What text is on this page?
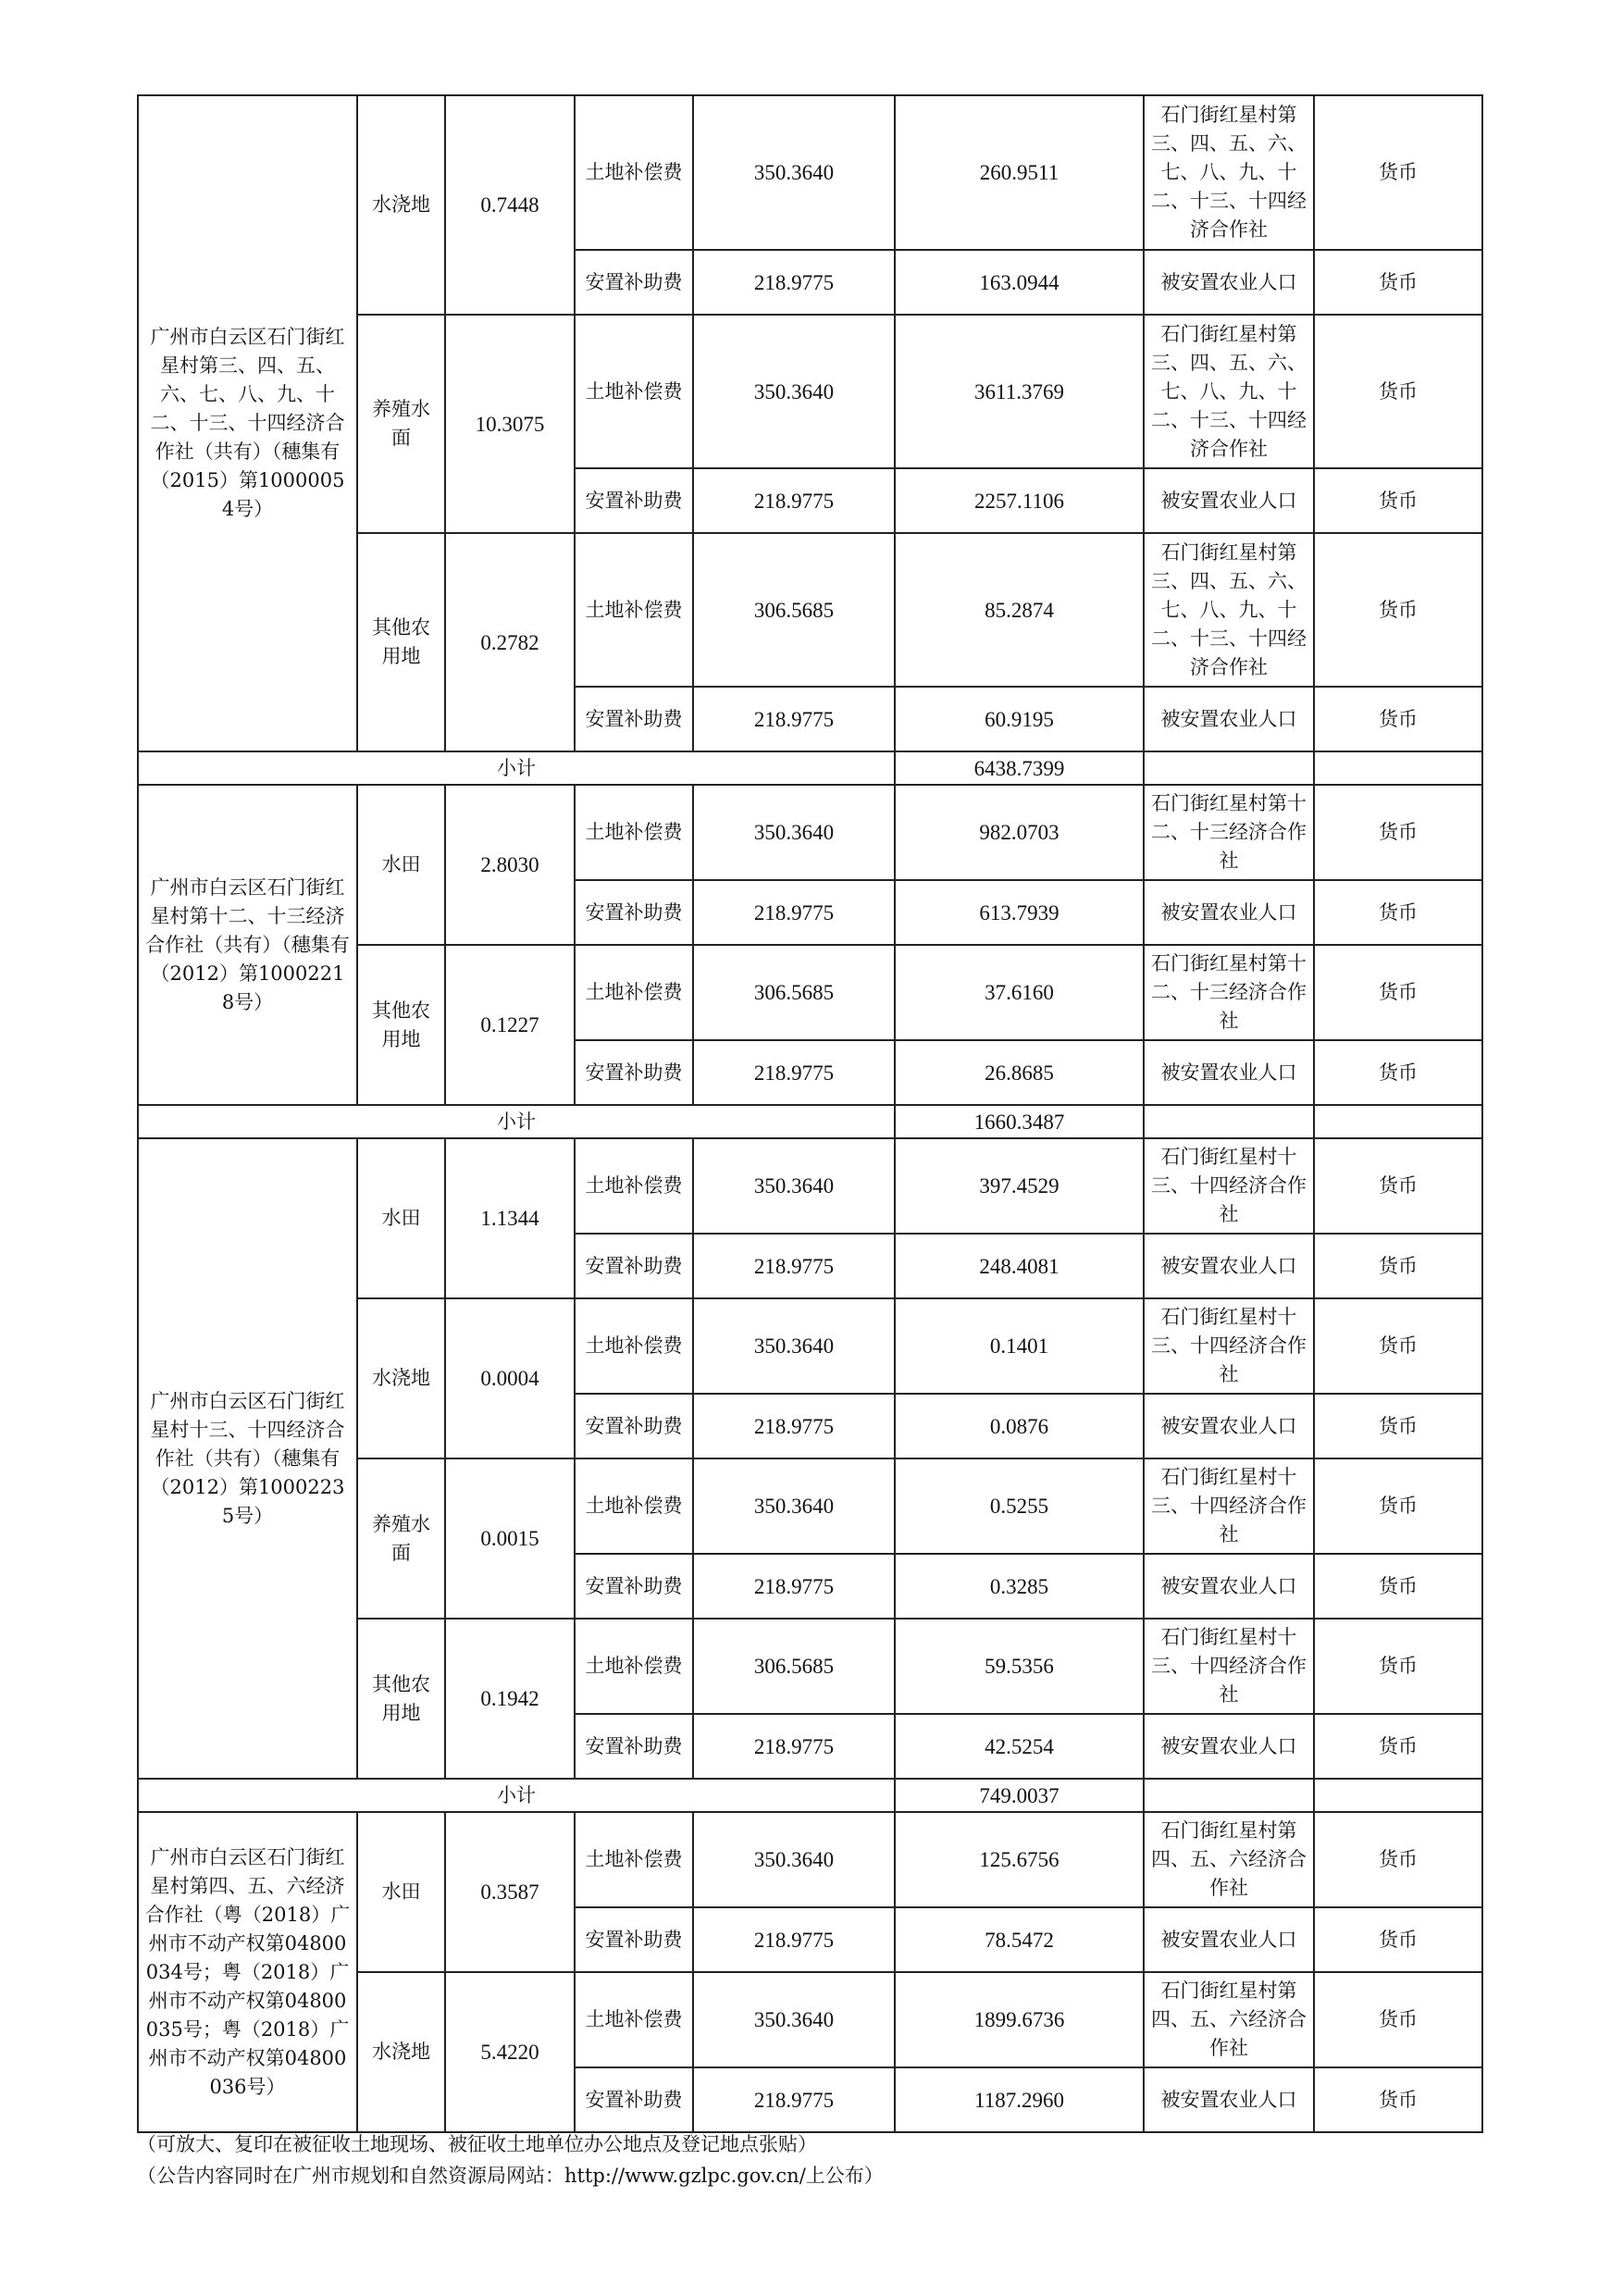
广州市白云区石门街红星村第三、四、五、六、七、八、九、十二、十三、十四经济合作社（共有）（穗集有（2015）第10000054号）	水浇地	0.7448	土地补偿费	350.3640	260.9511	石门街红星村第三、四、五、六、七、八、九、十二、十三、十四经济合作社	货币
			安置补助费	218.9775	163.0944	被安置农业人口	货币
	养殖水面	10.3075	土地补偿费	350.3640	3611.3769	石门街红星村第三、四、五、六、七、八、九、十二、十三、十四经济合作社	货币
			安置补助费	218.9775	2257.1106	被安置农业人口	货币
	其他农用地	0.2782	土地补偿费	306.5685	85.2874	石门街红星村第三、四、五、六、七、八、九、十二、十三、十四经济合作社	货币
			安置补助费	218.9775	60.9195	被安置农业人口	货币
小计					6438.7399		
广州市白云区石门街红星村第十二、十三经济合作社（共有）（穗集有（2012）第10002218号）	水田	2.8030	土地补偿费	350.3640	982.0703	石门街红星村第十二、十三经济合作社	货币
			安置补助费	218.9775	613.7939	被安置农业人口	货币
	其他农用地	0.1227	土地补偿费	306.5685	37.6160	石门街红星村第十二、十三经济合作社	货币
			安置补助费	218.9775	26.8685	被安置农业人口	货币
小计					1660.3487		
广州市白云区石门街红星村十三、十四经济合作社（共有）（穗集有（2012）第10002235号）	水田	1.1344	土地补偿费	350.3640	397.4529	石门街红星村十三、十四经济合作社	货币
			安置补助费	218.9775	248.4081	被安置农业人口	货币
	水浇地	0.0004	土地补偿费	350.3640	0.1401	石门街红星村十三、十四经济合作社	货币
			安置补助费	218.9775	0.0876	被安置农业人口	货币
	养殖水面	0.0015	土地补偿费	350.3640	0.5255	石门街红星村十三、十四经济合作社	货币
			安置补助费	218.9775	0.3285	被安置农业人口	货币
	其他农用地	0.1942	土地补偿费	306.5685	59.5356	石门街红星村十三、十四经济合作社	货币
			安置补助费	218.9775	42.5254	被安置农业人口	货币
小计					749.0037		
广州市白云区石门街红星村第四、五、六经济合作社（粤（2018）广州市不动产权第04800034号；粤（2018）广州市不动产权第04800035号；粤（2018）广州市不动产权第04800036号）	水田	0.3587	土地补偿费	350.3640	125.6756	石门街红星村第四、五、六经济合作社	货币
			安置补助费	218.9775	78.5472	被安置农业人口	货币
	水浇地	5.4220	土地补偿费	350.3640	1899.6736	石门街红星村第四、五、六经济合作社	货币
			安置补助费	218.9775	1187.2960	被安置农业人口	货币
（可放大、复印在被征收土地现场、被征收土地单位办公地点及登记地点张贴）
（公告内容同时在广州市规划和自然资源局网站：http://www.gzlpc.gov.cn/上公布）
